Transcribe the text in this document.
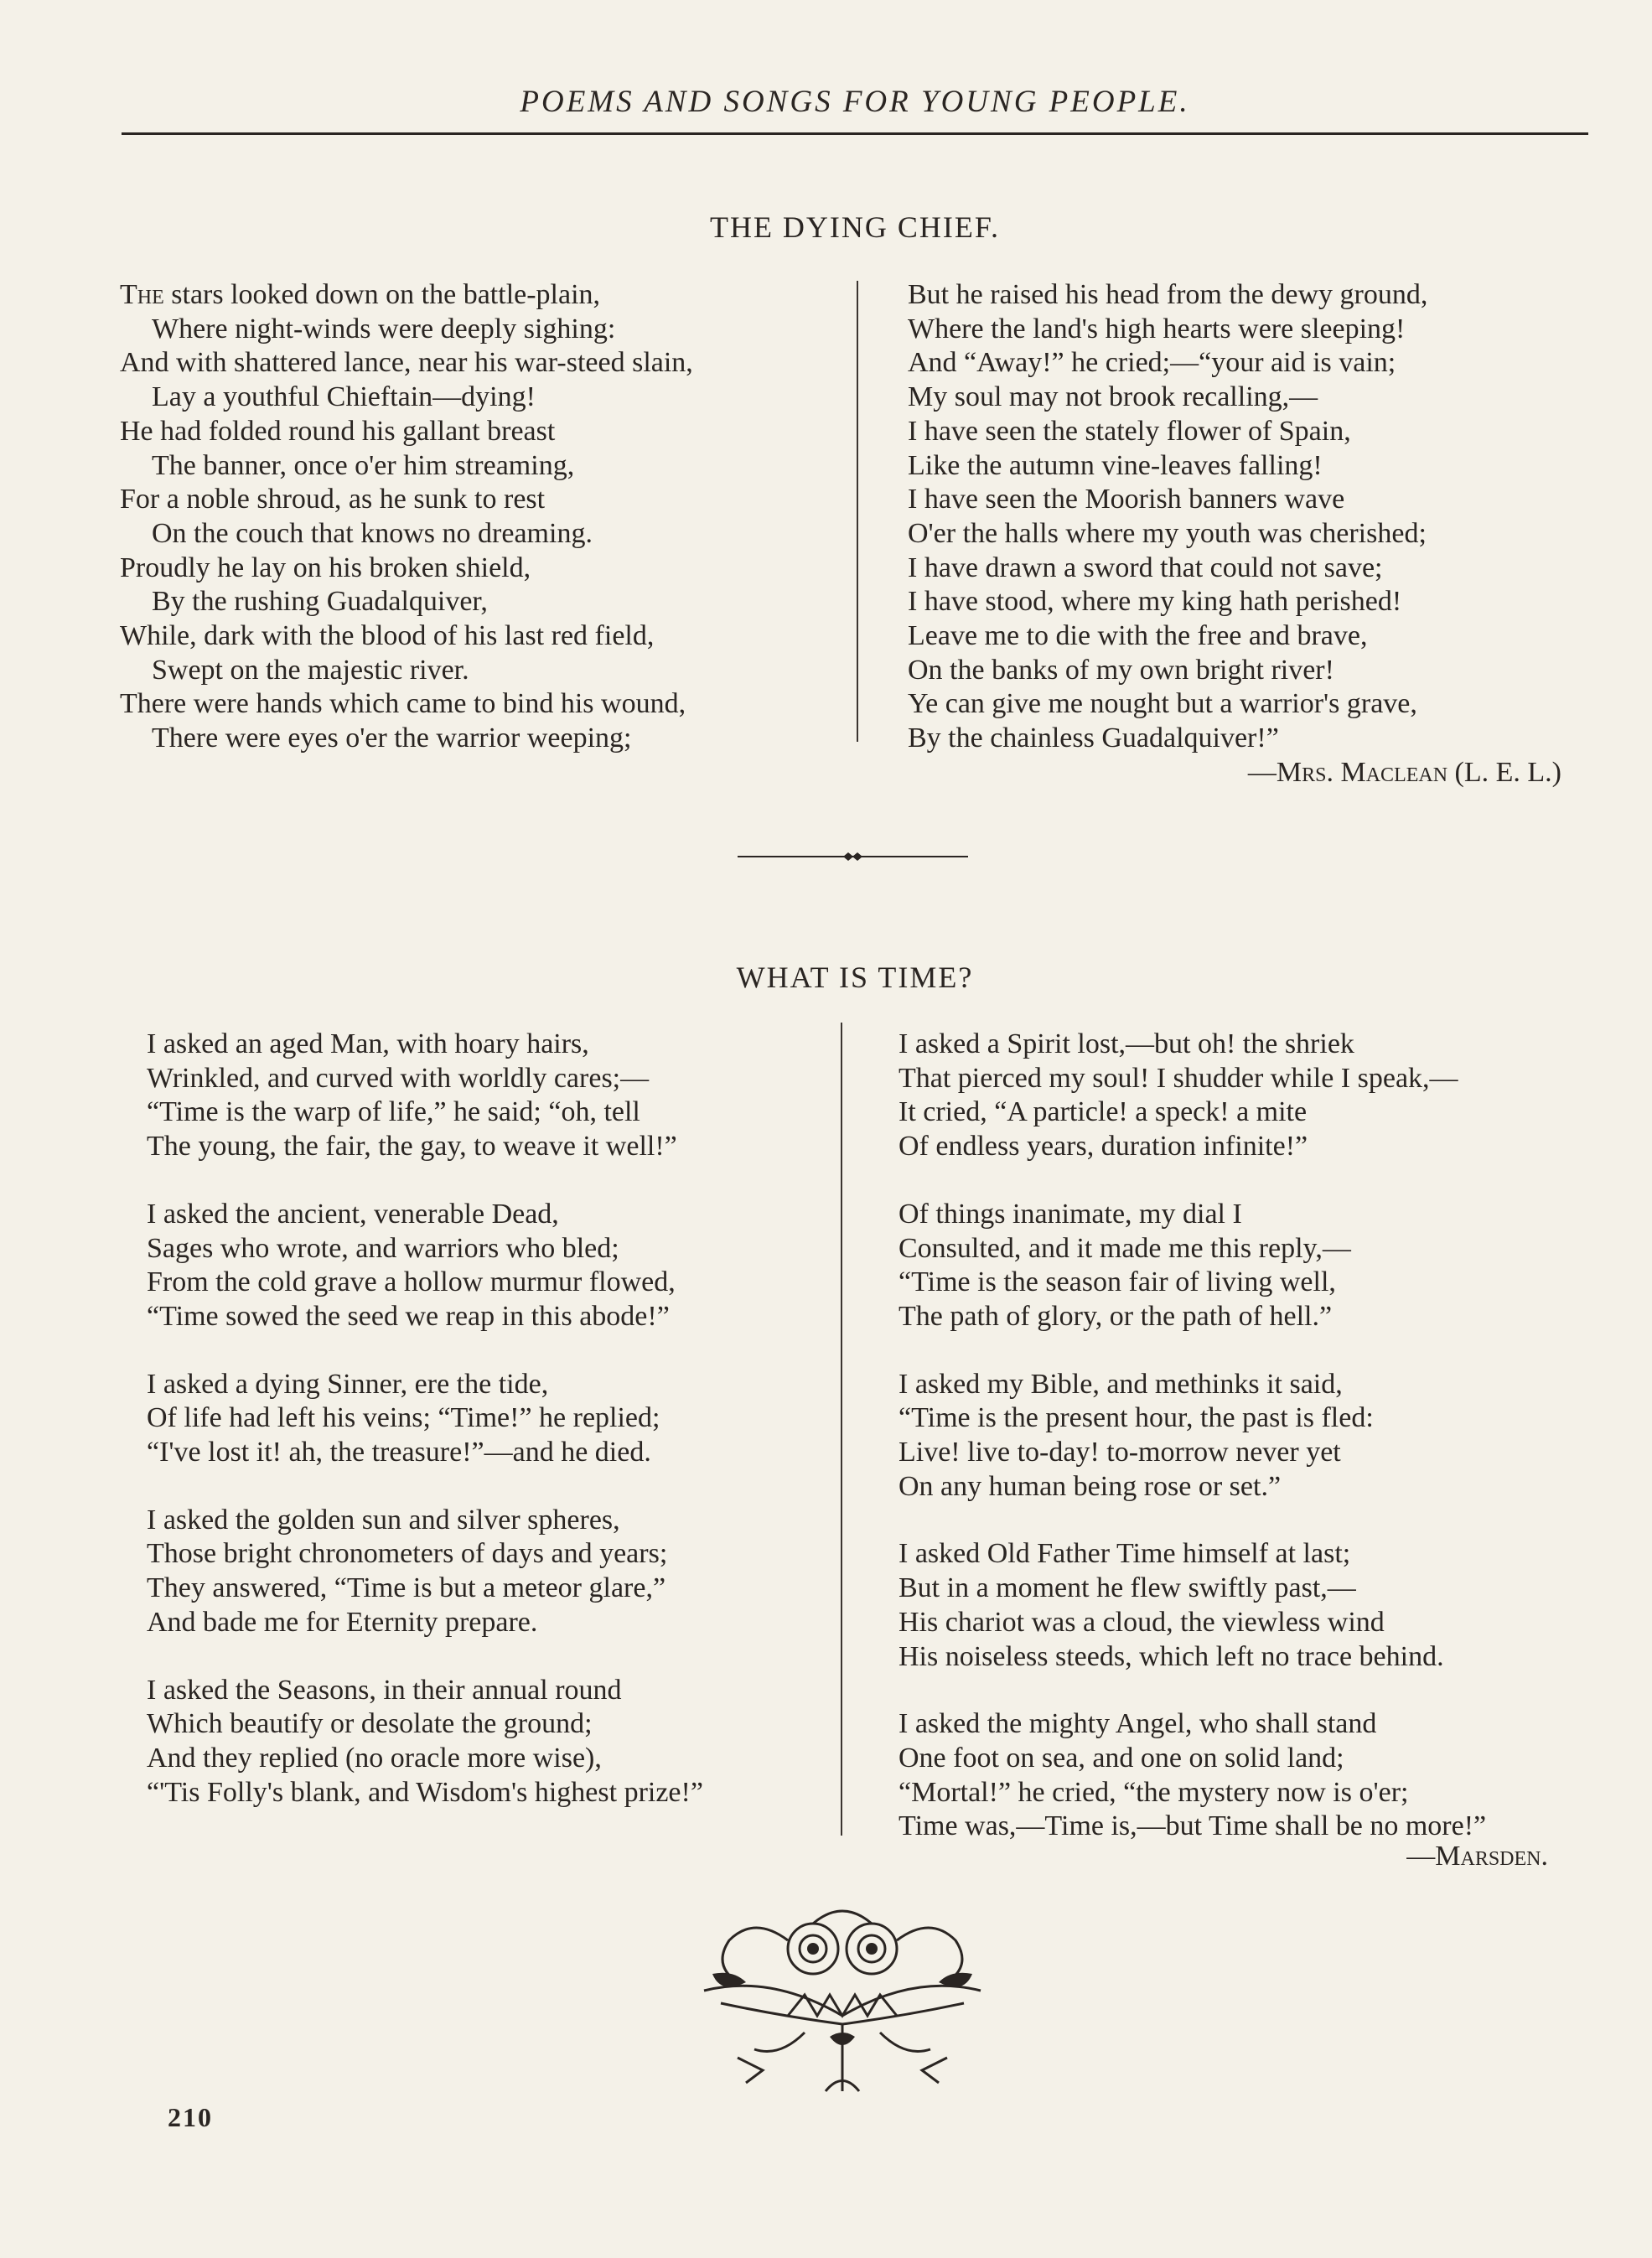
POEMS AND SONGS FOR YOUNG PEOPLE.
THE DYING CHIEF.
The stars looked down on the battle-plain,
Where night-winds were deeply sighing:
And with shattered lance, near his war-steed slain,
Lay a youthful Chieftain—dying!
He had folded round his gallant breast
The banner, once o'er him streaming,
For a noble shroud, as he sunk to rest
On the couch that knows no dreaming.
Proudly he lay on his broken shield,
By the rushing Guadalquiver,
While, dark with the blood of his last red field,
Swept on the majestic river.
There were hands which came to bind his wound,
There were eyes o'er the warrior weeping;
But he raised his head from the dewy ground,
Where the land's high hearts were sleeping!
And “Away!” he cried;—“your aid is vain;
My soul may not brook recalling,—
I have seen the stately flower of Spain,
Like the autumn vine-leaves falling!
I have seen the Moorish banners wave
O'er the halls where my youth was cherished;
I have drawn a sword that could not save;
I have stood, where my king hath perished!
Leave me to die with the free and brave,
On the banks of my own bright river!
Ye can give me nought but a warrior's grave,
By the chainless Guadalquiver!”
—Mrs. Maclean (L. E. L.)
WHAT IS TIME?
I asked an aged Man, with hoary hairs,
Wrinkled, and curved with worldly cares;—
“Time is the warp of life,” he said; “oh, tell
The young, the fair, the gay, to weave it well!”
I asked the ancient, venerable Dead,
Sages who wrote, and warriors who bled;
From the cold grave a hollow murmur flowed,
“Time sowed the seed we reap in this abode!”
I asked a dying Sinner, ere the tide,
Of life had left his veins; “Time!” he replied;
“I've lost it! ah, the treasure!”—and he died.
I asked the golden sun and silver spheres,
Those bright chronometers of days and years;
They answered, “Time is but a meteor glare,”
And bade me for Eternity prepare.
I asked the Seasons, in their annual round
Which beautify or desolate the ground;
And they replied (no oracle more wise),
“'Tis Folly's blank, and Wisdom's highest prize!”
I asked a Spirit lost,—but oh! the shriek
That pierced my soul! I shudder while I speak,—
It cried, “A particle! a speck! a mite
Of endless years, duration infinite!”
Of things inanimate, my dial I
Consulted, and it made me this reply,—
“Time is the season fair of living well,
The path of glory, or the path of hell.”
I asked my Bible, and methinks it said,
“Time is the present hour, the past is fled:
Live! live to-day! to-morrow never yet
On any human being rose or set.”
I asked Old Father Time himself at last;
But in a moment he flew swiftly past,—
His chariot was a cloud, the viewless wind
His noiseless steeds, which left no trace behind.
I asked the mighty Angel, who shall stand
One foot on sea, and one on solid land;
“Mortal!” he cried, “the mystery now is o'er;
Time was,—Time is,—but Time shall be no more!”
—Marsden.
210
